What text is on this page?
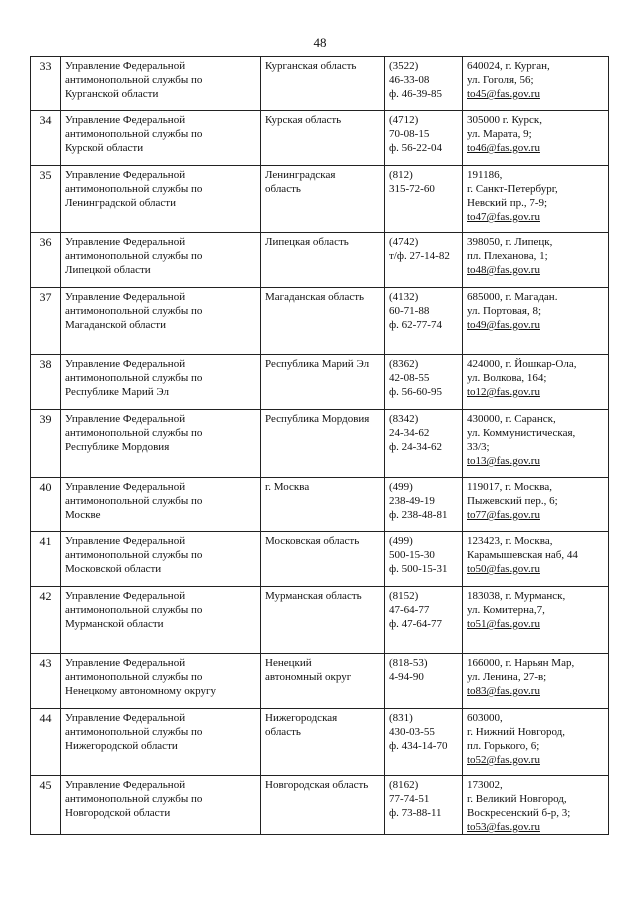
48
33	Управление Федеральной
антимонопольной службы по
Курганской области	Курганская область	(3522)
46-33-08
ф. 46-39-85	640024, г. Курган,
ул. Гоголя, 56;
to45@fas.gov.ru

34	Управление Федеральной
антимонопольной службы по
Курской области	Курская область	(4712)
70-08-15
ф. 56-22-04	305000 г. Курск,
ул. Марата, 9;
to46@fas.gov.ru

35	Управление Федеральной
антимонопольной службы по
Ленинградской области	Ленинградская
область	(812)
315-72-60	191186,
г. Санкт-Петербург,
Невский пр., 7-9;
to47@fas.gov.ru

36	Управление Федеральной
антимонопольной службы по
Липецкой области	Липецкая область	(4742)
т/ф. 27-14-82	398050, г. Липецк,
пл. Плеханова, 1;
to48@fas.gov.ru

37	Управление Федеральной
антимонопольной службы по
Магаданской области	Магаданская область	(4132)
60-71-88
ф. 62-77-74	685000, г. Магадан.
ул. Портовая, 8;
to49@fas.gov.ru

38	Управление Федеральной
антимонопольной службы по
Республике Марий Эл	Республика Марий Эл	(8362)
42-08-55
ф. 56-60-95	424000, г. Йошкар-Ола,
ул. Волкова, 164;
to12@fas.gov.ru

39	Управление Федеральной
антимонопольной службы по
Республике Мордовия	Республика Мордовия	(8342)
24-34-62
ф. 24-34-62	430000, г. Саранск,
ул. Коммунистическая,
33/3;
to13@fas.gov.ru

40	Управление Федеральной
антимонопольной службы по
Москве	г. Москва	(499)
238-49-19
ф. 238-48-81	119017, г. Москва,
Пыжевский пер., 6;
to77@fas.gov.ru

41	Управление Федеральной
антимонопольной службы по
Московской области	Московская область	(499)
500-15-30
ф. 500-15-31	123423, г. Москва,
Карамышевская наб, 44
to50@fas.gov.ru

42	Управление Федеральной
антимонопольной службы по
Мурманской области	Мурманская область	(8152)
47-64-77
ф. 47-64-77	183038, г. Мурманск,
ул. Комитерна,7,
to51@fas.gov.ru

43	Управление Федеральной
антимонопольной службы по
Ненецкому автономному округу	Ненецкий
автономный округ	(818-53)
4-94-90	166000, г. Нарьян Мар,
ул. Ленина, 27-в;
to83@fas.gov.ru

44	Управление Федеральной
антимонопольной службы по
Нижегородской области	Нижегородская
область	(831)
430-03-55
ф. 434-14-70	603000,
г. Нижний Новгород,
пл. Горького, 6;
to52@fas.gov.ru

45	Управление Федеральной
антимонопольной службы по
Новгородской области	Новгородская область	(8162)
77-74-51
ф. 73-88-11	173002,
г. Великий Новгород,
Воскресенский б-р, 3;
to53@fas.gov.ru
